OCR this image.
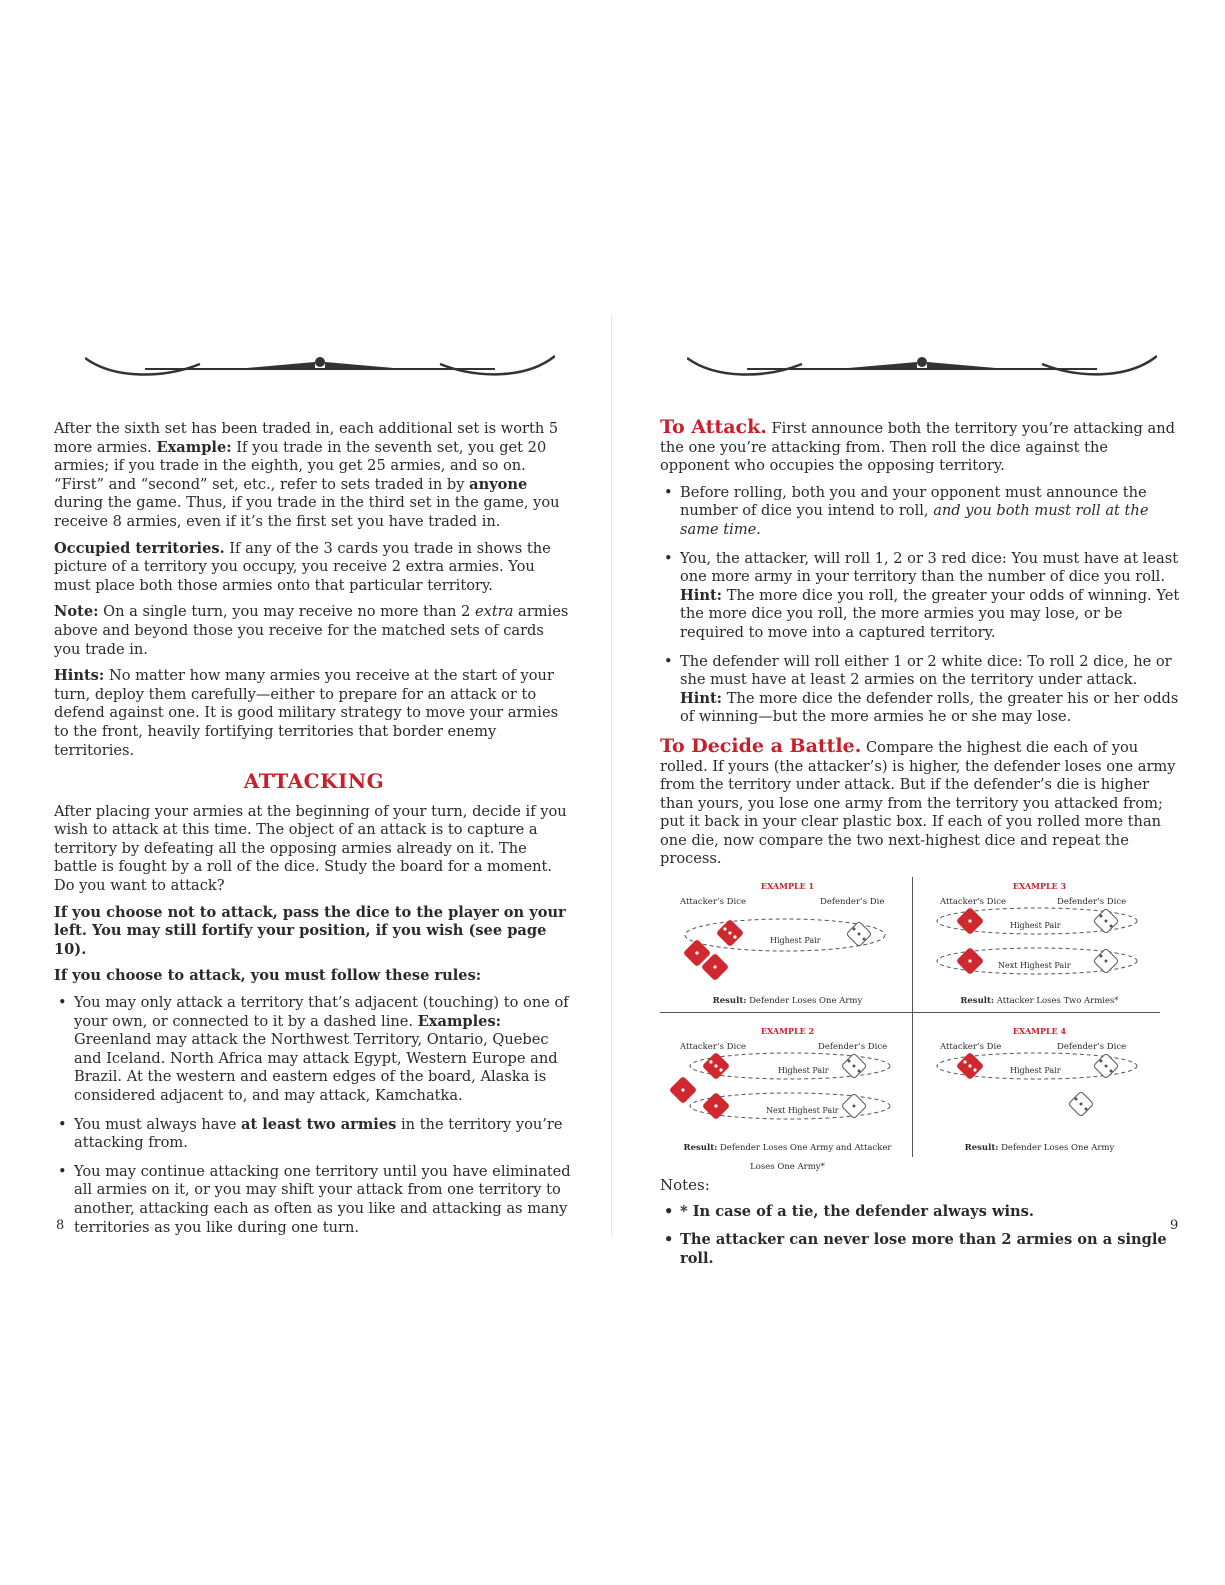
After the sixth set has been traded in, each additional set is worth 5 more armies. Example: If you trade in the seventh set, you get 20 armies; if you trade in the eighth, you get 25 armies, and so on. “First” and “second” set, etc., refer to sets traded in by anyone during the game. Thus, if you trade in the third set in the game, you receive 8 armies, even if it’s the first set you have traded in.

Occupied territories. If any of the 3 cards you trade in shows the picture of a territory you occupy, you receive 2 extra armies. You must place both those armies onto that particular territory.

Note: On a single turn, you may receive no more than 2 extra armies above and beyond those you receive for the matched sets of cards you trade in.

Hints: No matter how many armies you receive at the start of your turn, deploy them carefully—either to prepare for an attack or to defend against one. It is good military strategy to move your armies to the front, heavily fortifying territories that border enemy territories.

ATTACKING

After placing your armies at the beginning of your turn, decide if you wish to attack at this time. The object of an attack is to capture a territory by defeating all the opposing armies already on it. The battle is fought by a roll of the dice. Study the board for a moment. Do you want to attack?

If you choose not to attack, pass the dice to the player on your left. You may still fortify your position, if you wish (see page 10).

If you choose to attack, you must follow these rules:

• You may only attack a territory that’s adjacent (touching) to one of your own, or connected to it by a dashed line. Examples: Greenland may attack the Northwest Territory, Ontario, Quebec and Iceland. North Africa may attack Egypt, Western Europe and Brazil. At the western and eastern edges of the board, Alaska is considered adjacent to, and may attack, Kamchatka.
• You must always have at least two armies in the territory you’re attacking from.
• You may continue attacking one territory until you have eliminated all armies on it, or you may shift your attack from one territory to another, attacking each as often as you like and attacking as many territories as you like during one turn.
8

To Attack. First announce both the territory you’re attacking and the one you’re attacking from. Then roll the dice against the opponent who occupies the opposing territory.

• Before rolling, both you and your opponent must announce the number of dice you intend to roll, and you both must roll at the same time.
• You, the attacker, will roll 1, 2 or 3 red dice: You must have at least one more army in your territory than the number of dice you roll. Hint: The more dice you roll, the greater your odds of winning. Yet the more dice you roll, the more armies you may lose, or be required to move into a captured territory.
• The defender will roll either 1 or 2 white dice: To roll 2 dice, he or she must have at least 2 armies on the territory under attack. Hint: The more dice the defender rolls, the greater his or her odds of winning—but the more armies he or she may lose.

To Decide a Battle. Compare the highest die each of you rolled. If yours (the attacker’s) is higher, the defender loses one army from the territory under attack. But if the defender’s die is higher than yours, you lose one army from the territory you attacked from; put it back in your clear plastic box. If each of you rolled more than one die, now compare the two next-highest dice and repeat the process.

EXAMPLE 1
Attacker’s Dice	Defender’s Die
Highest Pair
Result: Defender Loses One Army
EXAMPLE 3
Attacker’s Dice	Defender’s Dice
Highest Pair
Next Highest Pair
Result: Attacker Loses Two Armies*
EXAMPLE 2
Attacker’s Dice	Defender’s Dice
Highest Pair
Next Highest Pair
Result: Defender Loses One Army and Attacker Loses One Army*
EXAMPLE 4
Attacker’s Die	Defender’s Dice
Highest Pair
Result: Defender Loses One Army

Notes:

• * In case of a tie, the defender always wins.
• The attacker can never lose more than 2 armies on a single roll.
9
